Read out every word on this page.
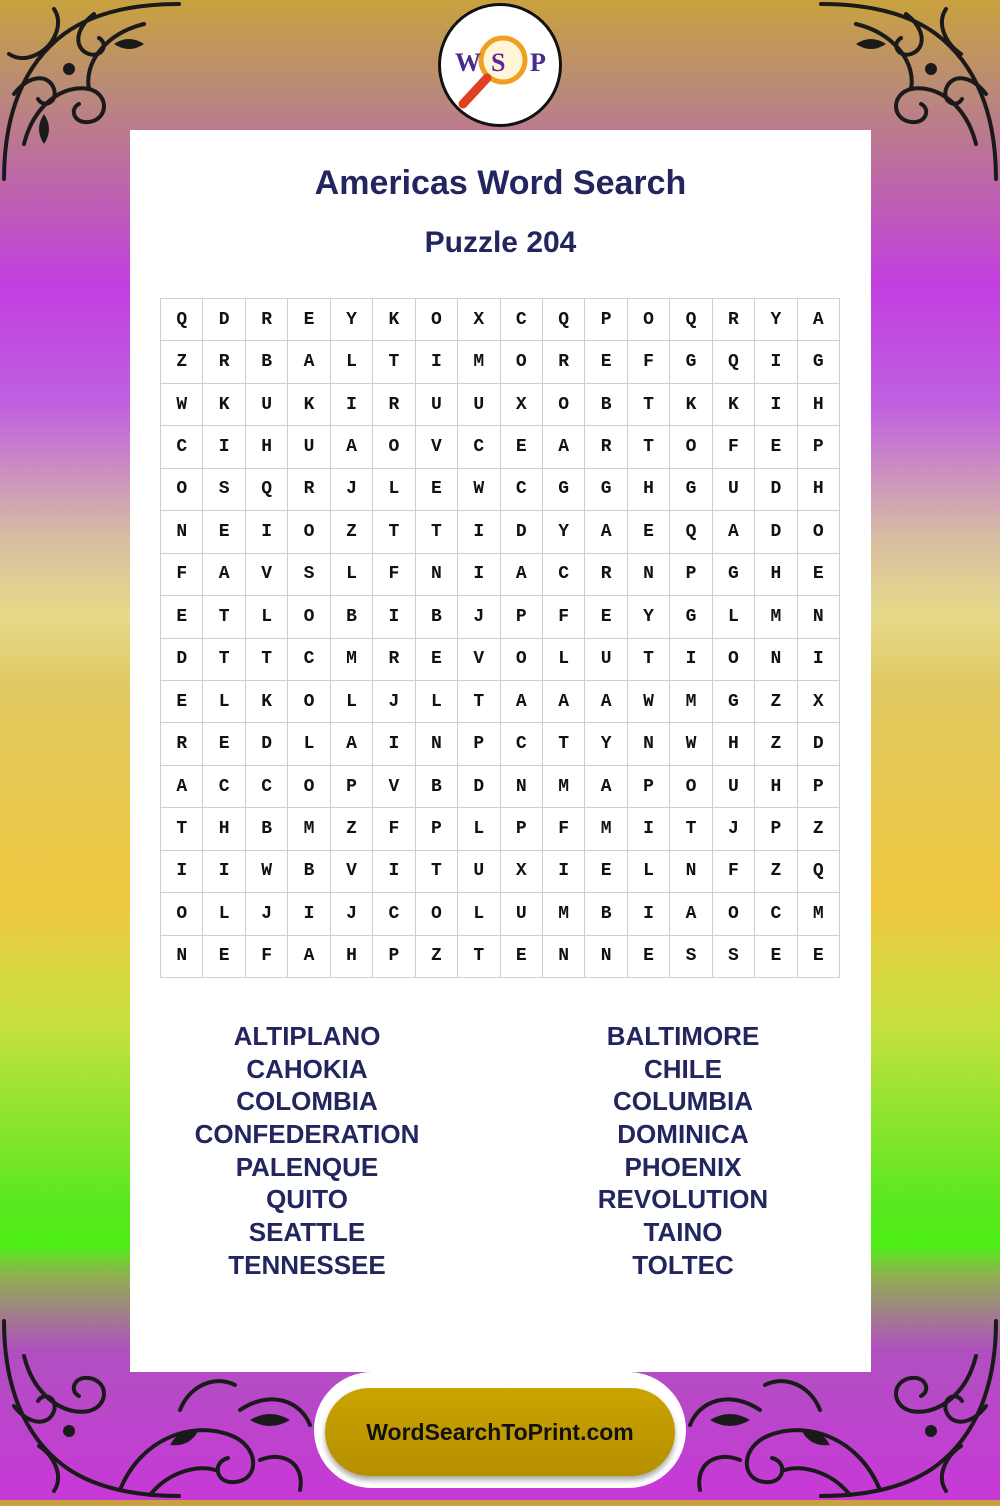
W S P
Americas Word Search
Puzzle 204
Q	D	R	E	Y	K	O	X	C	Q	P	O	Q	R	Y	A
Z	R	B	A	L	T	I	M	O	R	E	F	G	Q	I	G
W	K	U	K	I	R	U	U	X	O	B	T	K	K	I	H
C	I	H	U	A	O	V	C	E	A	R	T	O	F	E	P
O	S	Q	R	J	L	E	W	C	G	G	H	G	U	D	H
N	E	I	O	Z	T	T	I	D	Y	A	E	Q	A	D	O
F	A	V	S	L	F	N	I	A	C	R	N	P	G	H	E
E	T	L	O	B	I	B	J	P	F	E	Y	G	L	M	N
D	T	T	C	M	R	E	V	O	L	U	T	I	O	N	I
E	L	K	O	L	J	L	T	A	A	A	W	M	G	Z	X
R	E	D	L	A	I	N	P	C	T	Y	N	W	H	Z	D
A	C	C	O	P	V	B	D	N	M	A	P	O	U	H	P
T	H	B	M	Z	F	P	L	P	F	M	I	T	J	P	Z
I	I	W	B	V	I	T	U	X	I	E	L	N	F	Z	Q
O	L	J	I	J	C	O	L	U	M	B	I	A	O	C	M
N	E	F	A	H	P	Z	T	E	N	N	E	S	S	E	E
ALTIPLANO
CAHOKIA
COLOMBIA
CONFEDERATION
PALENQUE
QUITO
SEATTLE
TENNESSEE
BALTIMORE
CHILE
COLUMBIA
DOMINICA
PHOENIX
REVOLUTION
TAINO
TOLTEC
WordSearchToPrint.com
